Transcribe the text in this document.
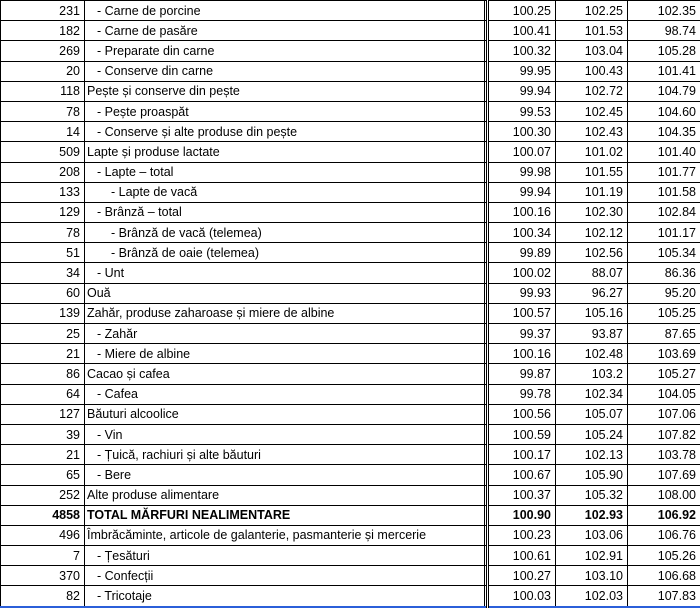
231	- Carne de porcine		100.25	102.25	102.35
182	- Carne de pasăre		100.41	101.53	98.74
269	- Preparate din carne		100.32	103.04	105.28
20	- Conserve din carne		99.95	100.43	101.41
118	Pește și conserve din pește		99.94	102.72	104.79
78	- Pește proaspăt		99.53	102.45	104.60
14	- Conserve și alte produse din pește		100.30	102.43	104.35
509	Lapte și produse lactate		100.07	101.02	101.40
208	- Lapte – total		99.98	101.55	101.77
133	- Lapte de vacă		99.94	101.19	101.58
129	- Brânză – total		100.16	102.30	102.84
78	- Brânză de vacă (telemea)		100.34	102.12	101.17
51	- Brânză de oaie (telemea)		99.89	102.56	105.34
34	- Unt		100.02	88.07	86.36
60	Ouă		99.93	96.27	95.20
139	Zahăr, produse zaharoase și miere de albine		100.57	105.16	105.25
25	- Zahăr		99.37	93.87	87.65
21	- Miere de albine		100.16	102.48	103.69
86	Cacao și cafea		99.87	103.2	105.27
64	- Cafea		99.78	102.34	104.05
127	Băuturi alcoolice		100.56	105.07	107.06
39	- Vin		100.59	105.24	107.82
21	- Țuică, rachiuri și alte băuturi		100.17	102.13	103.78
65	- Bere		100.67	105.90	107.69
252	Alte produse alimentare		100.37	105.32	108.00
4858	TOTAL MĂRFURI NEALIMENTARE		100.90	102.93	106.92
496	Îmbrăcăminte, articole de galanterie, pasmanterie și mercerie		100.23	103.06	106.76
7	- Țesături		100.61	102.91	105.26
370	- Confecții		100.27	103.10	106.68
82	- Tricotaje		100.03	102.03	107.83
